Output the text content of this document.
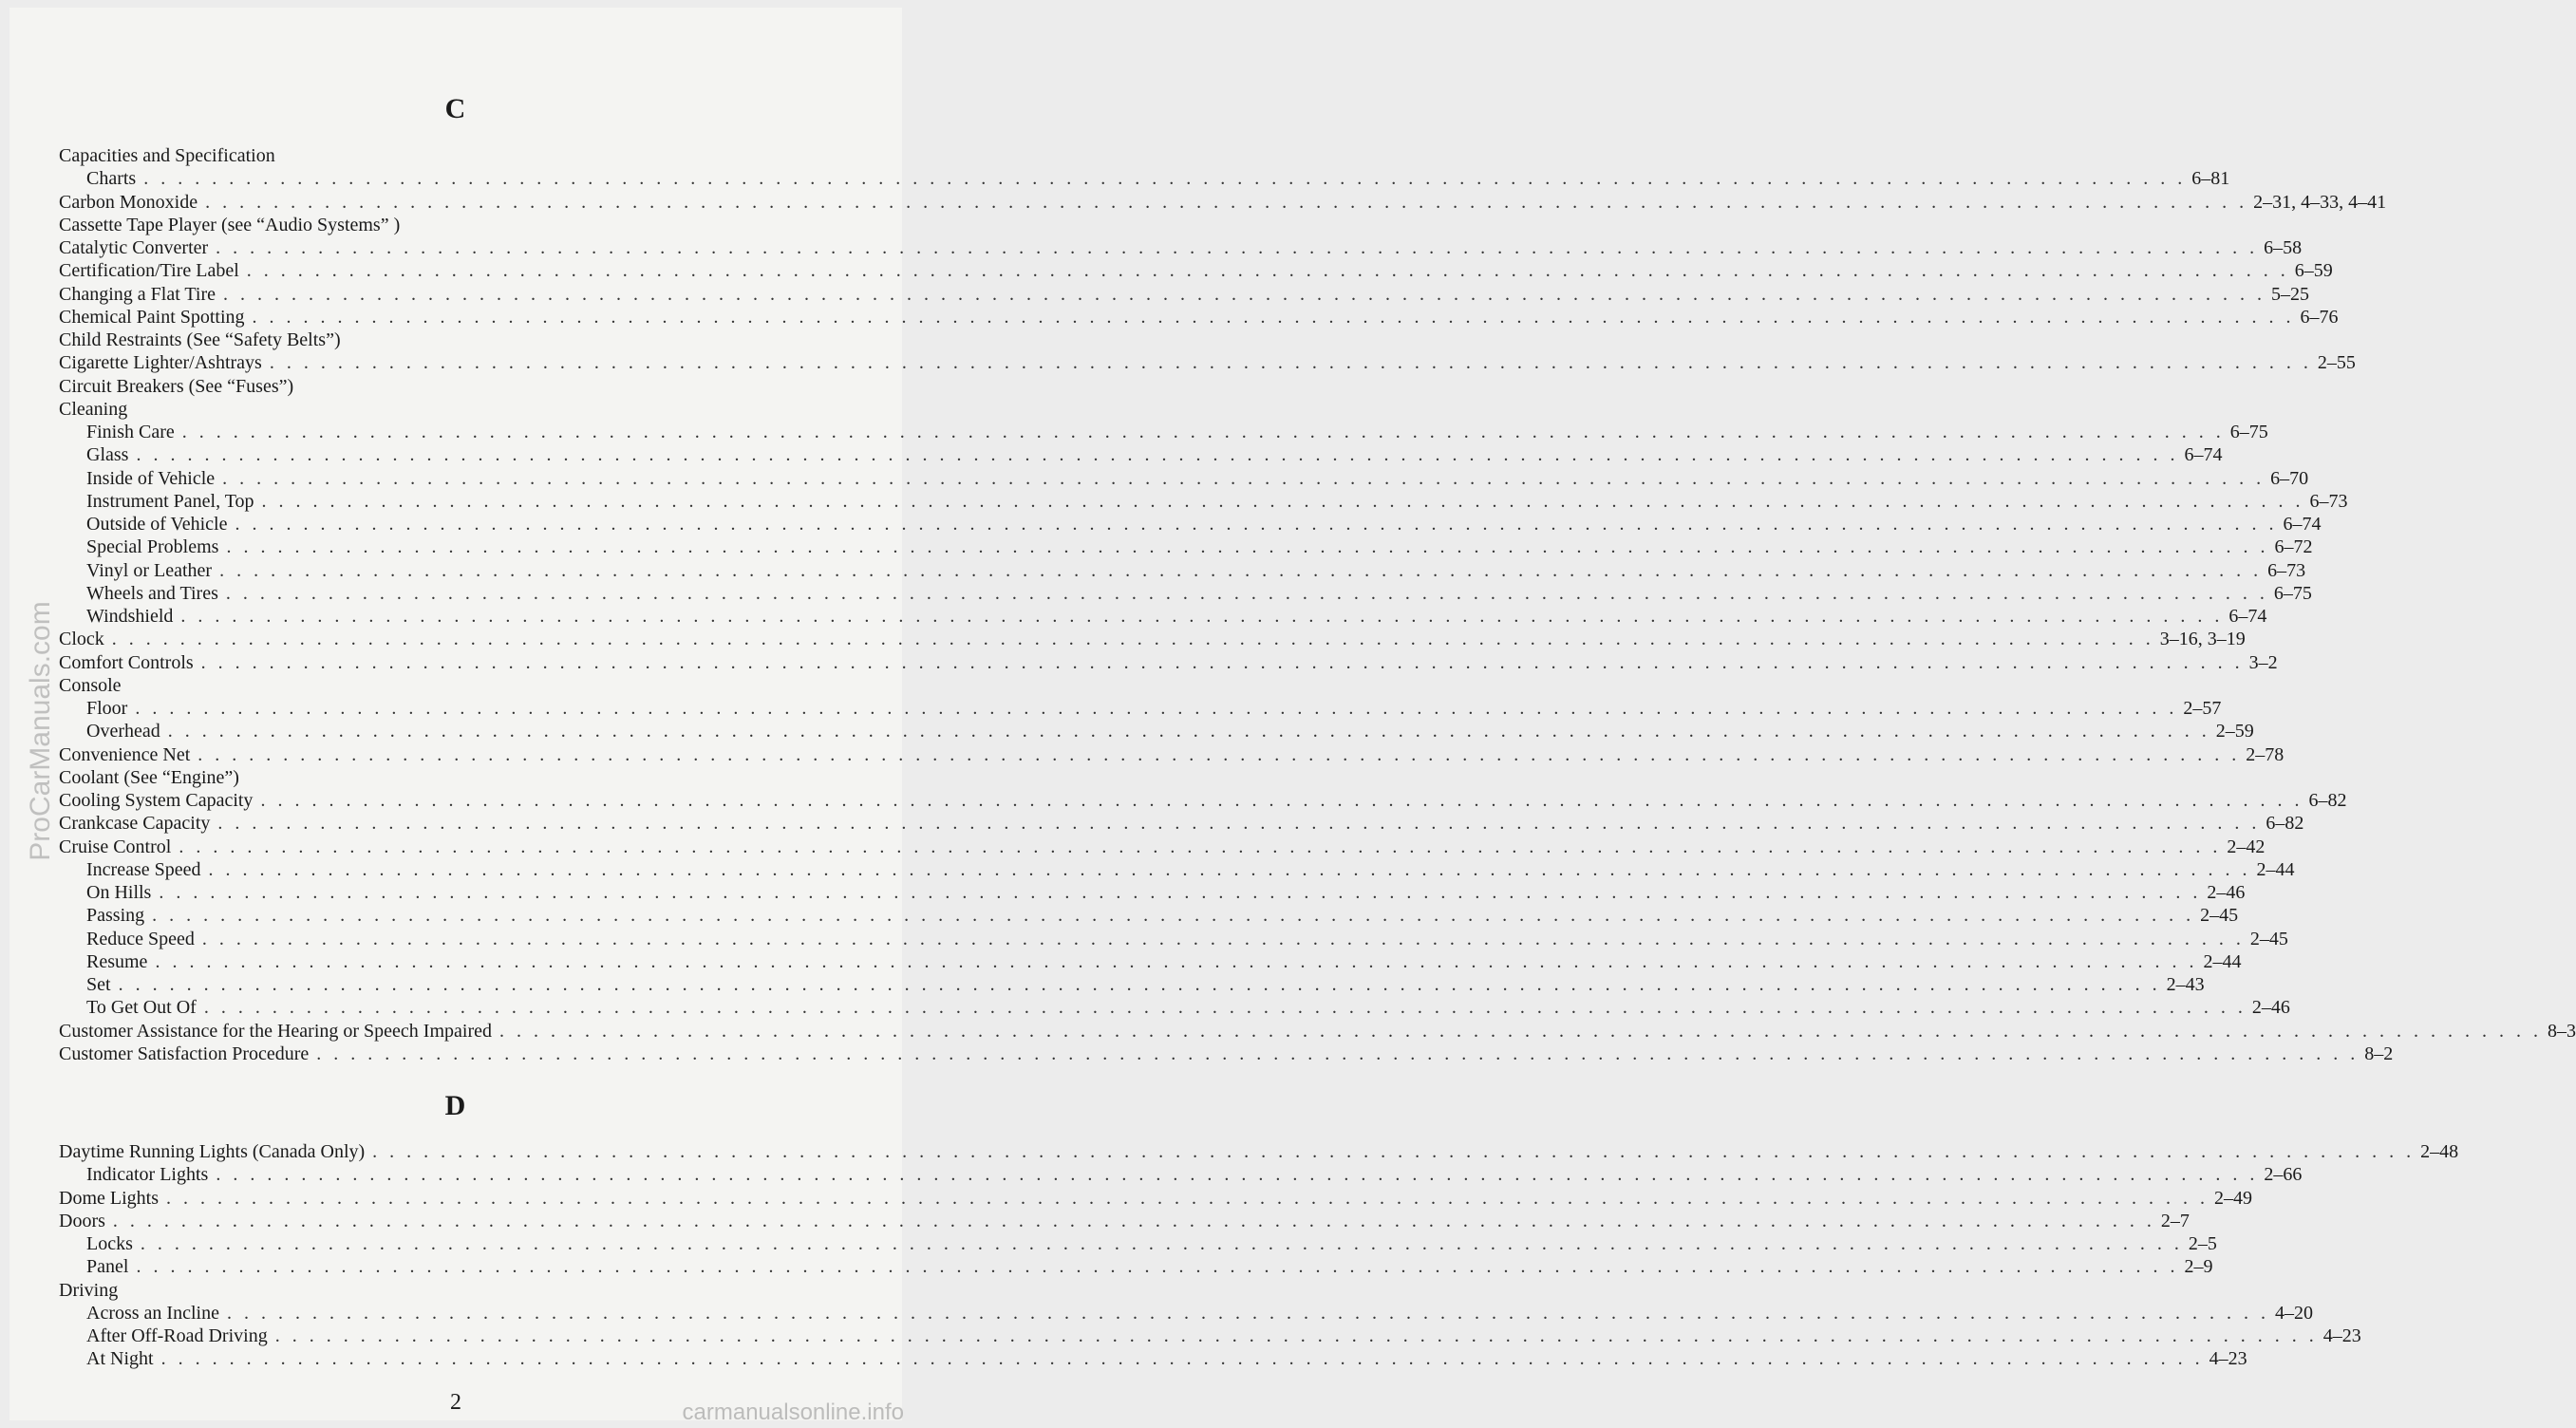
C
Capacities and Specification
Charts . . . . . . . . . . . . . . . . . . . . . . . . . . . . . . . . . . . . . . . . . . . . . . . . . . . . . . . . . . . . . . . . . . . . . . . . . . . . . . . . . . . . . . . . . . . . . . . . . . . . . . . . . . . . . . . . . . . . . . . . 6–81
Carbon Monoxide . . . . . . . . . . . . . . . . . . . . . . . . . . . . . . . . . . . . . . . . . . . . . . . . . . . . . . . . . . . . . . . . . . . . . . . . . . . . . . . . . . . . . . . . . . . . . . . . . . . . . . . . . . . . . . . . . . . . . . . . 2–31, 4–33, 4–41
Cassette Tape Player (see “Audio Systems” )
Catalytic Converter . . . . . . . . . . . . . . . . . . . . . . . . . . . . . . . . . . . . . . . . . . . . . . . . . . . . . . . . . . . . . . . . . . . . . . . . . . . . . . . . . . . . . . . . . . . . . . . . . . . . . . . . . . . . . . . . . . . . . . . . 6–58
Certification/Tire Label . . . . . . . . . . . . . . . . . . . . . . . . . . . . . . . . . . . . . . . . . . . . . . . . . . . . . . . . . . . . . . . . . . . . . . . . . . . . . . . . . . . . . . . . . . . . . . . . . . . . . . . . . . . . . . . . . . . . . . . . 6–59
Changing a Flat Tire . . . . . . . . . . . . . . . . . . . . . . . . . . . . . . . . . . . . . . . . . . . . . . . . . . . . . . . . . . . . . . . . . . . . . . . . . . . . . . . . . . . . . . . . . . . . . . . . . . . . . . . . . . . . . . . . . . . . . . . . 5–25
Chemical Paint Spotting . . . . . . . . . . . . . . . . . . . . . . . . . . . . . . . . . . . . . . . . . . . . . . . . . . . . . . . . . . . . . . . . . . . . . . . . . . . . . . . . . . . . . . . . . . . . . . . . . . . . . . . . . . . . . . . . . . . . . . . . 6–76
Child Restraints (See “Safety Belts”)
Cigarette Lighter/Ashtrays . . . . . . . . . . . . . . . . . . . . . . . . . . . . . . . . . . . . . . . . . . . . . . . . . . . . . . . . . . . . . . . . . . . . . . . . . . . . . . . . . . . . . . . . . . . . . . . . . . . . . . . . . . . . . . . . . . . . . . . . 2–55
Circuit Breakers (See “Fuses”)
Cleaning
Finish Care . . . . . . . . . . . . . . . . . . . . . . . . . . . . . . . . . . . . . . . . . . . . . . . . . . . . . . . . . . . . . . . . . . . . . . . . . . . . . . . . . . . . . . . . . . . . . . . . . . . . . . . . . . . . . . . . . . . . . . . . 6–75
Glass . . . . . . . . . . . . . . . . . . . . . . . . . . . . . . . . . . . . . . . . . . . . . . . . . . . . . . . . . . . . . . . . . . . . . . . . . . . . . . . . . . . . . . . . . . . . . . . . . . . . . . . . . . . . . . . . . . . . . . . . 6–74
Inside of Vehicle . . . . . . . . . . . . . . . . . . . . . . . . . . . . . . . . . . . . . . . . . . . . . . . . . . . . . . . . . . . . . . . . . . . . . . . . . . . . . . . . . . . . . . . . . . . . . . . . . . . . . . . . . . . . . . . . . . . . . . . . 6–70
Instrument Panel, Top . . . . . . . . . . . . . . . . . . . . . . . . . . . . . . . . . . . . . . . . . . . . . . . . . . . . . . . . . . . . . . . . . . . . . . . . . . . . . . . . . . . . . . . . . . . . . . . . . . . . . . . . . . . . . . . . . . . . . . . . 6–73
Outside of Vehicle . . . . . . . . . . . . . . . . . . . . . . . . . . . . . . . . . . . . . . . . . . . . . . . . . . . . . . . . . . . . . . . . . . . . . . . . . . . . . . . . . . . . . . . . . . . . . . . . . . . . . . . . . . . . . . . . . . . . . . . . 6–74
Special Problems . . . . . . . . . . . . . . . . . . . . . . . . . . . . . . . . . . . . . . . . . . . . . . . . . . . . . . . . . . . . . . . . . . . . . . . . . . . . . . . . . . . . . . . . . . . . . . . . . . . . . . . . . . . . . . . . . . . . . . . . 6–72
Vinyl or Leather . . . . . . . . . . . . . . . . . . . . . . . . . . . . . . . . . . . . . . . . . . . . . . . . . . . . . . . . . . . . . . . . . . . . . . . . . . . . . . . . . . . . . . . . . . . . . . . . . . . . . . . . . . . . . . . . . . . . . . . . 6–73
Wheels and Tires . . . . . . . . . . . . . . . . . . . . . . . . . . . . . . . . . . . . . . . . . . . . . . . . . . . . . . . . . . . . . . . . . . . . . . . . . . . . . . . . . . . . . . . . . . . . . . . . . . . . . . . . . . . . . . . . . . . . . . . . 6–75
Windshield . . . . . . . . . . . . . . . . . . . . . . . . . . . . . . . . . . . . . . . . . . . . . . . . . . . . . . . . . . . . . . . . . . . . . . . . . . . . . . . . . . . . . . . . . . . . . . . . . . . . . . . . . . . . . . . . . . . . . . . . 6–74
Clock . . . . . . . . . . . . . . . . . . . . . . . . . . . . . . . . . . . . . . . . . . . . . . . . . . . . . . . . . . . . . . . . . . . . . . . . . . . . . . . . . . . . . . . . . . . . . . . . . . . . . . . . . . . . . . . . . . . . . . . . 3–16, 3–19
Comfort Controls . . . . . . . . . . . . . . . . . . . . . . . . . . . . . . . . . . . . . . . . . . . . . . . . . . . . . . . . . . . . . . . . . . . . . . . . . . . . . . . . . . . . . . . . . . . . . . . . . . . . . . . . . . . . . . . . . . . . . . . . 3–2
Console
Floor . . . . . . . . . . . . . . . . . . . . . . . . . . . . . . . . . . . . . . . . . . . . . . . . . . . . . . . . . . . . . . . . . . . . . . . . . . . . . . . . . . . . . . . . . . . . . . . . . . . . . . . . . . . . . . . . . . . . . . . . 2–57
Overhead . . . . . . . . . . . . . . . . . . . . . . . . . . . . . . . . . . . . . . . . . . . . . . . . . . . . . . . . . . . . . . . . . . . . . . . . . . . . . . . . . . . . . . . . . . . . . . . . . . . . . . . . . . . . . . . . . . . . . . . . 2–59
Convenience Net . . . . . . . . . . . . . . . . . . . . . . . . . . . . . . . . . . . . . . . . . . . . . . . . . . . . . . . . . . . . . . . . . . . . . . . . . . . . . . . . . . . . . . . . . . . . . . . . . . . . . . . . . . . . . . . . . . . . . . . . 2–78
Coolant (See “Engine”)
Cooling System Capacity . . . . . . . . . . . . . . . . . . . . . . . . . . . . . . . . . . . . . . . . . . . . . . . . . . . . . . . . . . . . . . . . . . . . . . . . . . . . . . . . . . . . . . . . . . . . . . . . . . . . . . . . . . . . . . . . . . . . . . . . 6–82
Crankcase Capacity . . . . . . . . . . . . . . . . . . . . . . . . . . . . . . . . . . . . . . . . . . . . . . . . . . . . . . . . . . . . . . . . . . . . . . . . . . . . . . . . . . . . . . . . . . . . . . . . . . . . . . . . . . . . . . . . . . . . . . . . 6–82
Cruise Control . . . . . . . . . . . . . . . . . . . . . . . . . . . . . . . . . . . . . . . . . . . . . . . . . . . . . . . . . . . . . . . . . . . . . . . . . . . . . . . . . . . . . . . . . . . . . . . . . . . . . . . . . . . . . . . . . . . . . . . . 2–42
Increase Speed . . . . . . . . . . . . . . . . . . . . . . . . . . . . . . . . . . . . . . . . . . . . . . . . . . . . . . . . . . . . . . . . . . . . . . . . . . . . . . . . . . . . . . . . . . . . . . . . . . . . . . . . . . . . . . . . . . . . . . . . 2–44
On Hills . . . . . . . . . . . . . . . . . . . . . . . . . . . . . . . . . . . . . . . . . . . . . . . . . . . . . . . . . . . . . . . . . . . . . . . . . . . . . . . . . . . . . . . . . . . . . . . . . . . . . . . . . . . . . . . . . . . . . . . . 2–46
Passing . . . . . . . . . . . . . . . . . . . . . . . . . . . . . . . . . . . . . . . . . . . . . . . . . . . . . . . . . . . . . . . . . . . . . . . . . . . . . . . . . . . . . . . . . . . . . . . . . . . . . . . . . . . . . . . . . . . . . . . . 2–45
Reduce Speed . . . . . . . . . . . . . . . . . . . . . . . . . . . . . . . . . . . . . . . . . . . . . . . . . . . . . . . . . . . . . . . . . . . . . . . . . . . . . . . . . . . . . . . . . . . . . . . . . . . . . . . . . . . . . . . . . . . . . . . . 2–45
Resume . . . . . . . . . . . . . . . . . . . . . . . . . . . . . . . . . . . . . . . . . . . . . . . . . . . . . . . . . . . . . . . . . . . . . . . . . . . . . . . . . . . . . . . . . . . . . . . . . . . . . . . . . . . . . . . . . . . . . . . . 2–44
Set . . . . . . . . . . . . . . . . . . . . . . . . . . . . . . . . . . . . . . . . . . . . . . . . . . . . . . . . . . . . . . . . . . . . . . . . . . . . . . . . . . . . . . . . . . . . . . . . . . . . . . . . . . . . . . . . . . . . . . . . 2–43
To Get Out Of . . . . . . . . . . . . . . . . . . . . . . . . . . . . . . . . . . . . . . . . . . . . . . . . . . . . . . . . . . . . . . . . . . . . . . . . . . . . . . . . . . . . . . . . . . . . . . . . . . . . . . . . . . . . . . . . . . . . . . . . 2–46
Customer Assistance for the Hearing or Speech Impaired . . . . . . . . . . . . . . . . . . . . . . . . . . . . . . . . . . . . . . . . . . . . . . . . . . . . . . . . . . . . . . . . . . . . . . . . . . . . . . . . . . . . . . . . . . . . . . . . . . . . . . . . . . . . . . . . . . . . . . . . 8–3
Customer Satisfaction Procedure . . . . . . . . . . . . . . . . . . . . . . . . . . . . . . . . . . . . . . . . . . . . . . . . . . . . . . . . . . . . . . . . . . . . . . . . . . . . . . . . . . . . . . . . . . . . . . . . . . . . . . . . . . . . . . . . . . . . . . . . 8–2
D
Daytime Running Lights (Canada Only) . . . . . . . . . . . . . . . . . . . . . . . . . . . . . . . . . . . . . . . . . . . . . . . . . . . . . . . . . . . . . . . . . . . . . . . . . . . . . . . . . . . . . . . . . . . . . . . . . . . . . . . . . . . . . . . . . . . . . . . . 2–48
Indicator Lights . . . . . . . . . . . . . . . . . . . . . . . . . . . . . . . . . . . . . . . . . . . . . . . . . . . . . . . . . . . . . . . . . . . . . . . . . . . . . . . . . . . . . . . . . . . . . . . . . . . . . . . . . . . . . . . . . . . . . . . . 2–66
Dome Lights . . . . . . . . . . . . . . . . . . . . . . . . . . . . . . . . . . . . . . . . . . . . . . . . . . . . . . . . . . . . . . . . . . . . . . . . . . . . . . . . . . . . . . . . . . . . . . . . . . . . . . . . . . . . . . . . . . . . . . . . 2–49
Doors . . . . . . . . . . . . . . . . . . . . . . . . . . . . . . . . . . . . . . . . . . . . . . . . . . . . . . . . . . . . . . . . . . . . . . . . . . . . . . . . . . . . . . . . . . . . . . . . . . . . . . . . . . . . . . . . . . . . . . . . 2–7
Locks . . . . . . . . . . . . . . . . . . . . . . . . . . . . . . . . . . . . . . . . . . . . . . . . . . . . . . . . . . . . . . . . . . . . . . . . . . . . . . . . . . . . . . . . . . . . . . . . . . . . . . . . . . . . . . . . . . . . . . . . 2–5
Panel . . . . . . . . . . . . . . . . . . . . . . . . . . . . . . . . . . . . . . . . . . . . . . . . . . . . . . . . . . . . . . . . . . . . . . . . . . . . . . . . . . . . . . . . . . . . . . . . . . . . . . . . . . . . . . . . . . . . . . . . 2–9
Driving
Across an Incline . . . . . . . . . . . . . . . . . . . . . . . . . . . . . . . . . . . . . . . . . . . . . . . . . . . . . . . . . . . . . . . . . . . . . . . . . . . . . . . . . . . . . . . . . . . . . . . . . . . . . . . . . . . . . . . . . . . . . . . . 4–20
After Off-Road Driving . . . . . . . . . . . . . . . . . . . . . . . . . . . . . . . . . . . . . . . . . . . . . . . . . . . . . . . . . . . . . . . . . . . . . . . . . . . . . . . . . . . . . . . . . . . . . . . . . . . . . . . . . . . . . . . . . . . . . . . . 4–23
At Night . . . . . . . . . . . . . . . . . . . . . . . . . . . . . . . . . . . . . . . . . . . . . . . . . . . . . . . . . . . . . . . . . . . . . . . . . . . . . . . . . . . . . . . . . . . . . . . . . . . . . . . . . . . . . . . . . . . . . . . . 4–23
2
ProCarManuals.com
carmanualsonline.info
